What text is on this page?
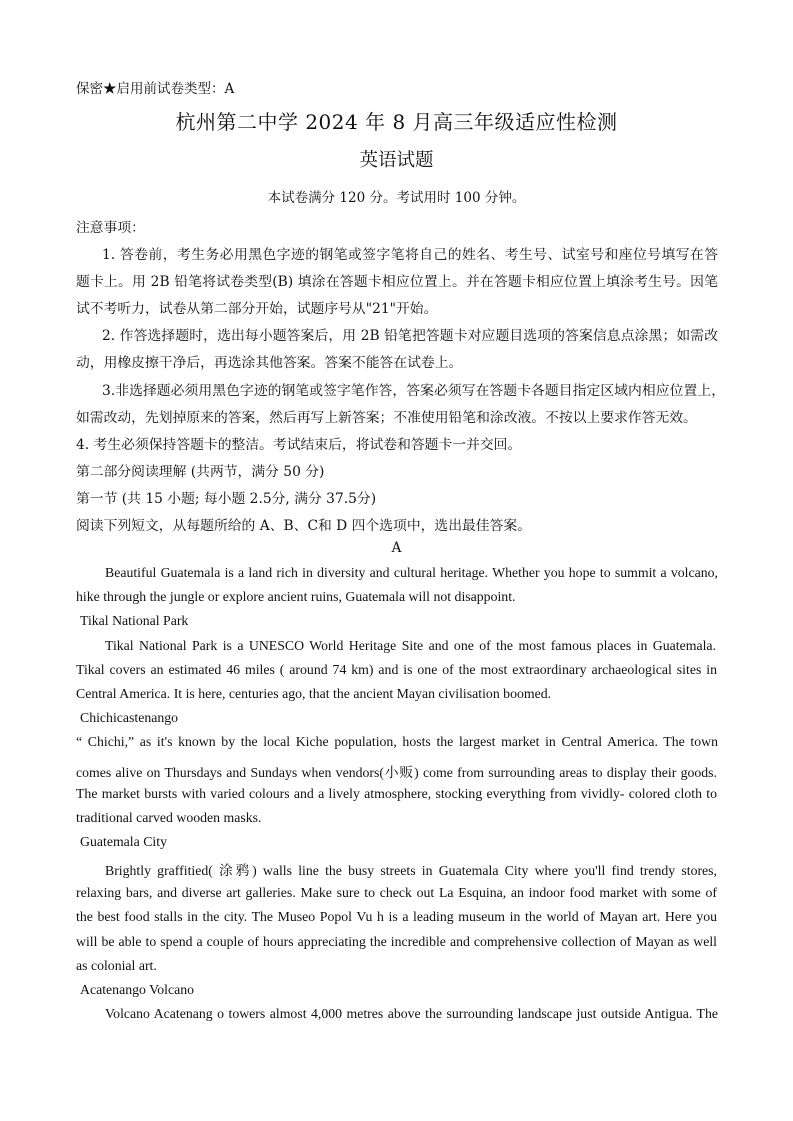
保密★启用前试卷类型：A
杭州第二中学 2024 年 8 月高三年级适应性检测
英语试题
本试卷满分 120 分。考试用时 100 分钟。
注意事项：
1. 答卷前，考生务必用黑色字迹的钢笔或签字笔将自己的姓名、考生号、试室号和座位号填写在答
题卡上。用 2B 铅笔将试卷类型(B) 填涂在答题卡相应位置上。并在答题卡相应位置上填涂考生号。因笔
试不考听力，试卷从第二部分开始，试题序号从"21"开始。
2. 作答选择题时，选出每小题答案后，用 2B 铅笔把答题卡对应题目选项的答案信息点涂黑；如需改
动，用橡皮擦干净后，再选涂其他答案。答案不能答在试卷上。
3.非选择题必须用黑色字迹的钢笔或签字笔作答，答案必须写在答题卡各题目指定区域内相应位置上，
如需改动，先划掉原来的答案，然后再写上新答案；不准使用铅笔和涂改液。不按以上要求作答无效。
4. 考生必须保持答题卡的整洁。考试结束后，将试卷和答题卡一并交回。
第二部分阅读理解 (共两节，满分 50 分)
第一节 (共 15 小题; 每小题 2.5分, 满分 37.5分)
阅读下列短文，从每题所给的 A、B、C和 D 四个选项中，选出最佳答案。
A
Beautiful Guatemala is a land rich in diversity and cultural heritage. Whether you hope to summit a volcano,
hike through the jungle or explore ancient ruins, Guatemala will not disappoint.
Tikal National Park
Tikal National Park is a UNESCO World Heritage Site and one of the most famous places in Guatemala.
Tikal covers an estimated 46 miles ( around 74 km) and is one of the most extraordinary archaeological sites in
Central America. It is here, centuries ago, that the ancient Mayan civilisation boomed.
Chichicastenango
“ Chichi,” as it's known by the local Kiche population, hosts the largest market in Central America. The town
comes alive on Thursdays and Sundays when vendors(小贩) come from surrounding areas to display their goods.
The market bursts with varied colours and a lively atmosphere, stocking everything from vividly- colored cloth to
traditional carved wooden masks.
Guatemala City
Brightly graffitied( 涂鸦) walls line the busy streets in Guatemala City where you'll find trendy stores,
relaxing bars, and diverse art galleries. Make sure to check out La Esquina, an indoor food market with some of
the best food stalls in the city. The Museo Popol Vu h is a leading museum in the world of Mayan art. Here you
will be able to spend a couple of hours appreciating the incredible and comprehensive collection of Mayan as well
as colonial art.
Acatenango Volcano
Volcano Acatenang o towers almost 4,000 metres above the surrounding landscape just outside Antigua. The
